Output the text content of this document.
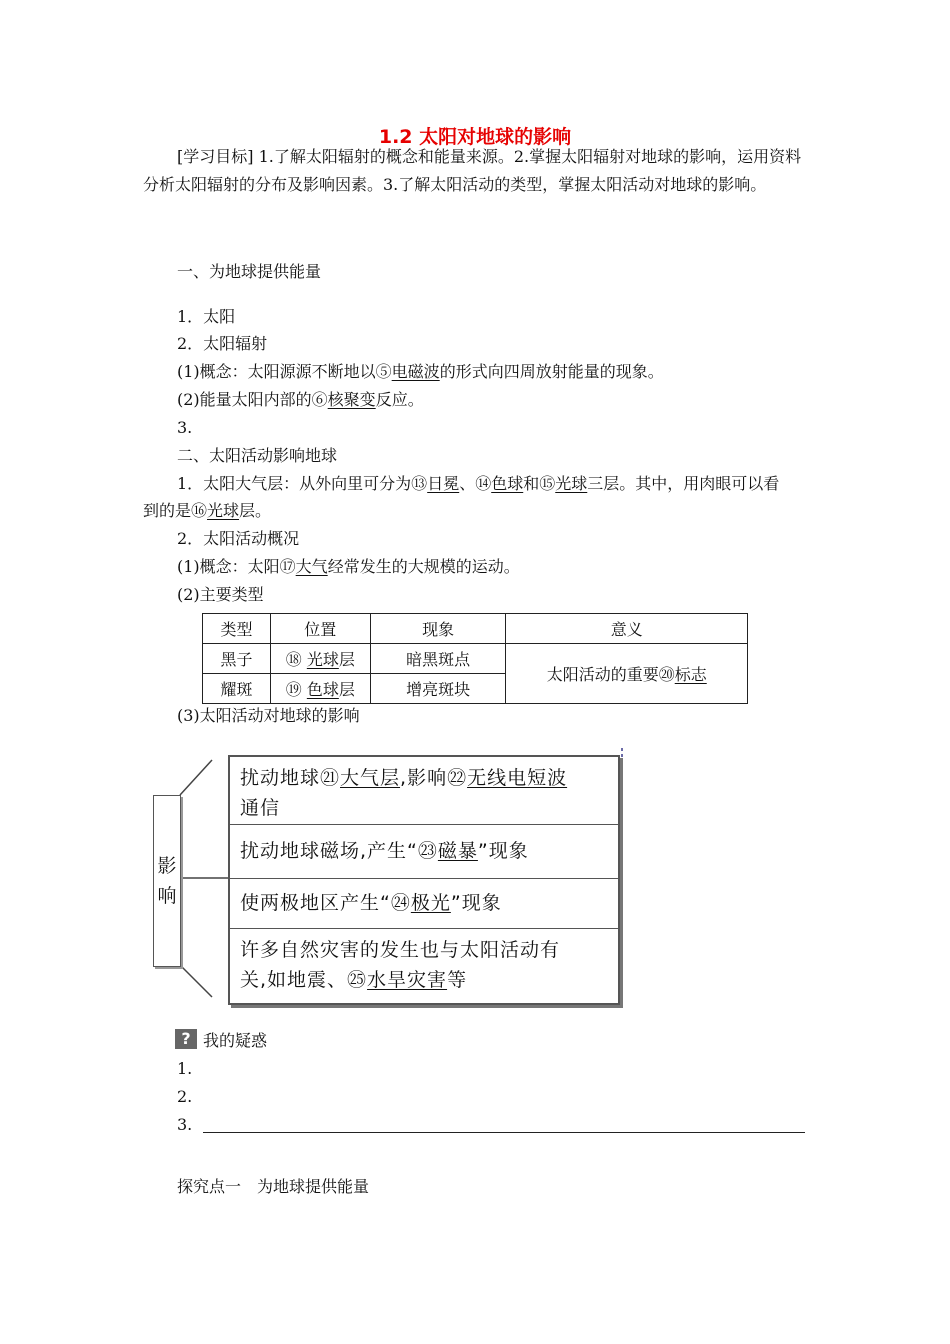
1.2 太阳对地球的影响
[学习目标] 1.了解太阳辐射的概念和能量来源。2.掌握太阳辐射对地球的影响，运用资料分析太阳辐射的分布及影响因素。3.了解太阳活动的类型，掌握太阳活动对地球的影响。
一、为地球提供能量
1．太阳
2．太阳辐射
(1)概念：太阳源源不断地以⑤电磁波的形式向四周放射能量的现象。
(2)能量太阳内部的⑥核聚变反应。
3.
二、太阳活动影响地球
1．太阳大气层：从外向里可分为⑬日冕、⑭色球和⑮光球三层。其中，用肉眼可以看
到的是⑯光球层。
2．太阳活动概况
(1)概念：太阳⑰大气经常发生的大规模的运动。
(2)主要类型
类型	位置	现象	意义
黑子	⑱ 光球层	暗黑斑点	太阳活动的重要⑳标志
耀斑	⑲ 色球层	增亮斑块	
(3)太阳活动对地球的影响
影
响
扰动地球㉑大气层,影响㉒无线电短波
通信
扰动地球磁场,产生“㉓磁暴”现象
使两极地区产生“㉔极光”现象
许多自然灾害的发生也与太阳活动有
关,如地震、㉕水旱灾害等
? 我的疑惑
1.
2.
3.
探究点一　为地球提供能量
